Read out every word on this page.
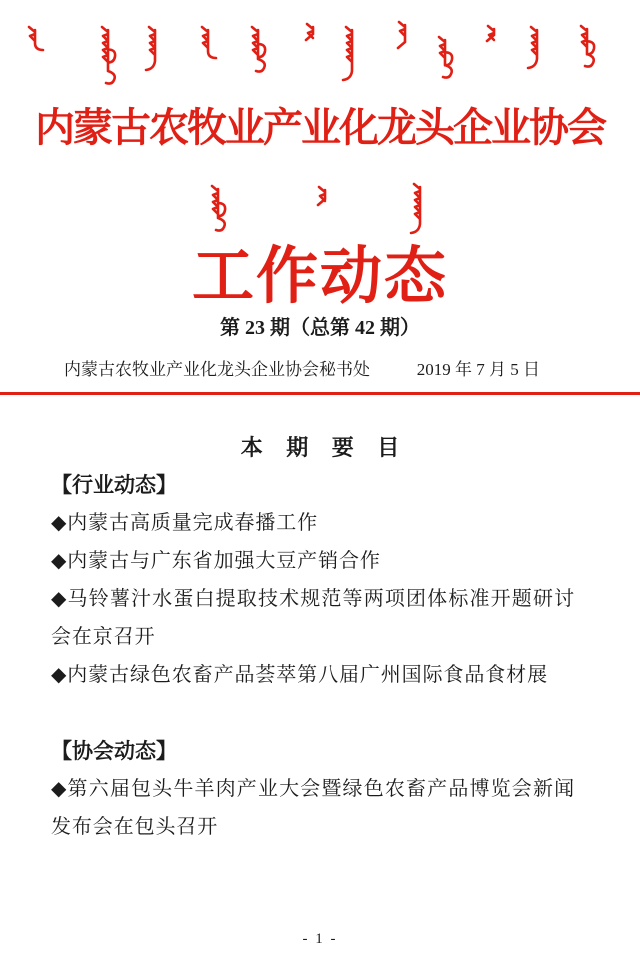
内蒙古农牧业产业化龙头企业协会
工作动态
第 23 期（总第 42 期）
内蒙古农牧业产业化龙头企业协会秘书处	2019 年 7 月 5 日
本 期 要 目
【行业动态】
◆内蒙古高质量完成春播工作
◆内蒙古与广东省加强大豆产销合作
◆马铃薯汁水蛋白提取技术规范等两项团体标准开题研讨会在京召开
◆内蒙古绿色农畜产品荟萃第八届广州国际食品食材展
【协会动态】
◆第六届包头牛羊肉产业大会暨绿色农畜产品博览会新闻发布会在包头召开
- 1 -
